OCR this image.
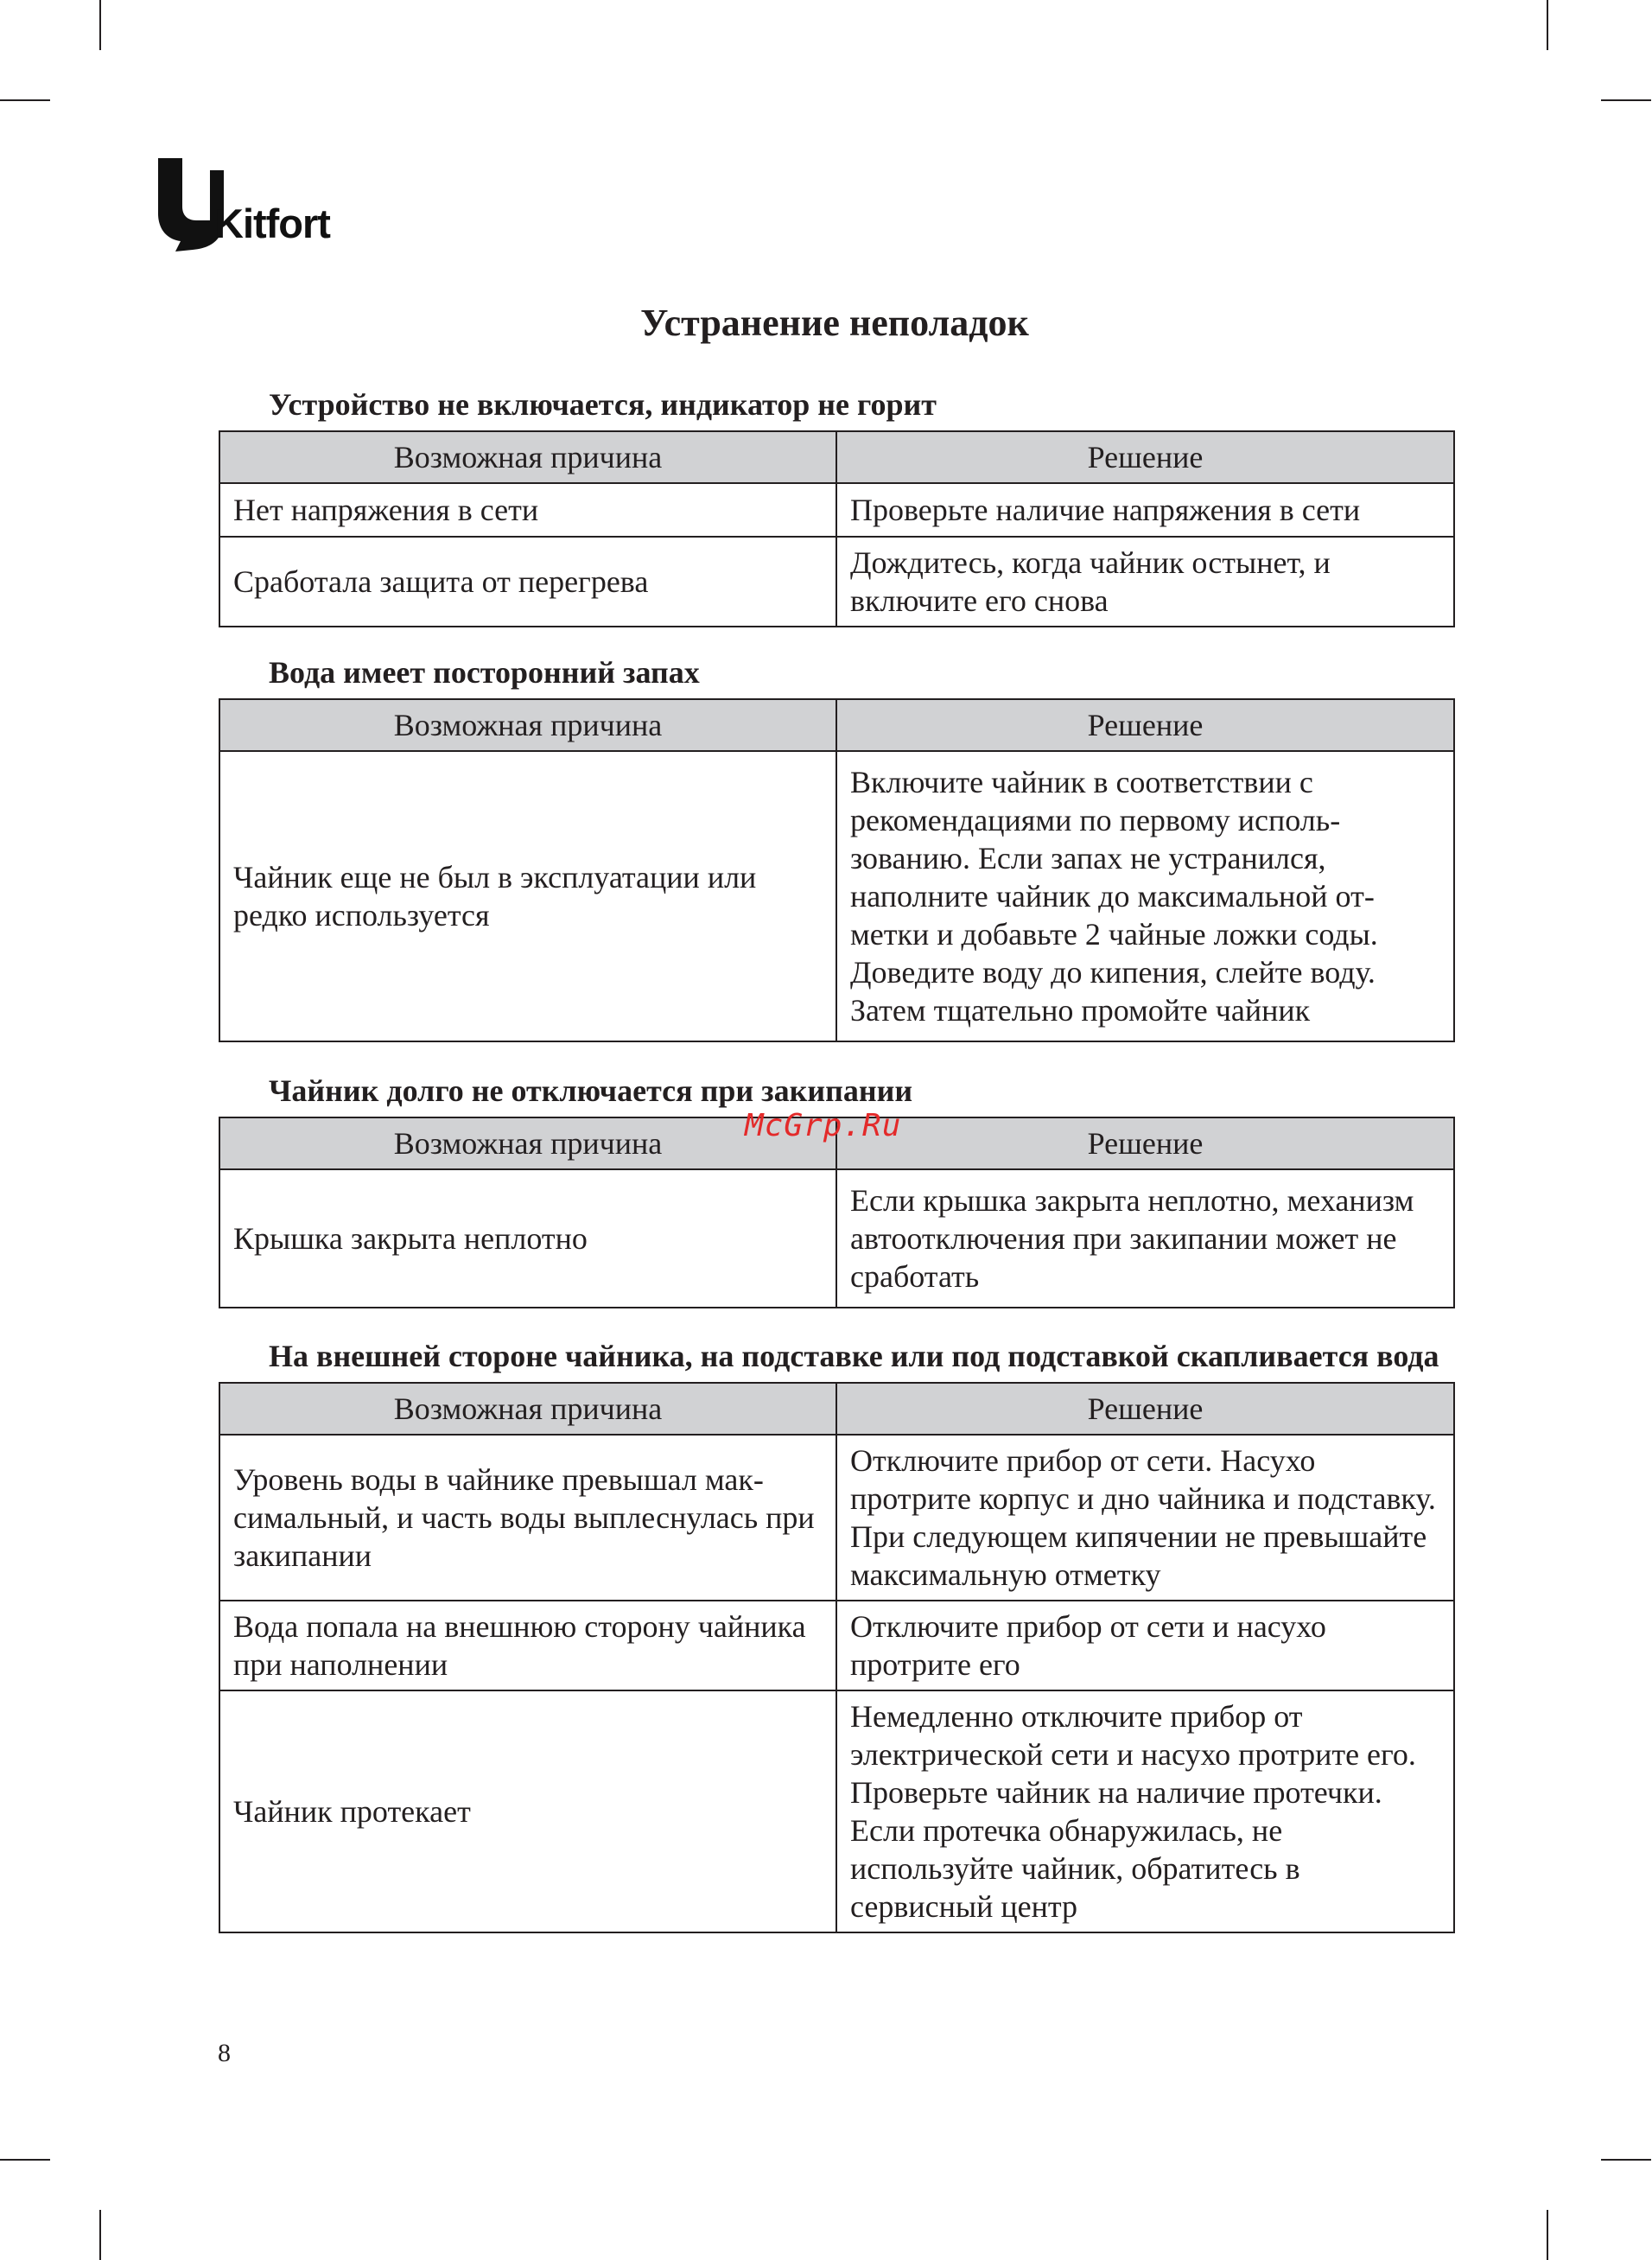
Kitfort
Устранение неполадок
Устройство не включается, индикатор не горит
Возможная причина	Решение
Нет напряжения в сети	Проверьте наличие напряжения в сети
Сработала защита от перегрева	Дождитесь, когда чайник остынет, и включите его снова
Вода имеет посторонний запах
Возможная причина	Решение
Чайник еще не был в эксплуатации или редко используется	Включите чайник в соответствии с рекомендациями по первому использованию. Если запах не устранился, наполните чайник до максимальной отметки и добавьте 2 чайные ложки соды. Доведите воду до кипения, слейте воду. Затем тщательно промойте чайник
Чайник долго не отключается при закипании
Возможная причина	Решение
Крышка закрыта неплотно	Если крышка закрыта неплотно, механизм автоотключения при закипании может не сработать
На внешней стороне чайника, на подставке или под подставкой скапливается вода
Возможная причина	Решение
Уровень воды в чайнике превышал максимальный, и часть воды выплеснулась при закипании	Отключите прибор от сети. Насухо протрите корпус и дно чайника и подставку. При следующем кипячении не превышайте максимальную отметку
Вода попала на внешнюю сторону чайника при наполнении	Отключите прибор от сети и насухо протрите его
Чайник протекает	Немедленно отключите прибор от электрической сети и насухо протрите его. Проверьте чайник на наличие протечки. Если протечка обнаружилась, не используйте чайник, обратитесь в сервисный центр
8
McGrp.Ru
